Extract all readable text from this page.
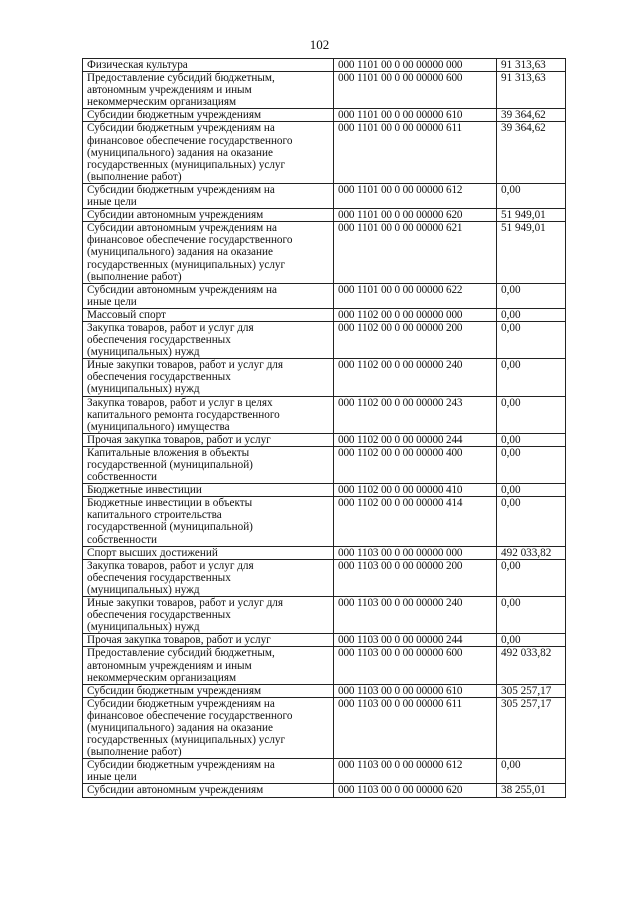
102
Физическая культура	000 1101 00 0 00 00000 000	91 313,63
Предоставление субсидий бюджетным,
автономным учреждениям и иным
некоммерческим организациям	000 1101 00 0 00 00000 600	91 313,63
Субсидии бюджетным учреждениям	000 1101 00 0 00 00000 610	39 364,62
Субсидии бюджетным учреждениям на
финансовое обеспечение государственного
(муниципального) задания на оказание
государственных (муниципальных) услуг
(выполнение работ)	000 1101 00 0 00 00000 611	39 364,62
Субсидии бюджетным учреждениям на
иные цели	000 1101 00 0 00 00000 612	0,00
Субсидии автономным учреждениям	000 1101 00 0 00 00000 620	51 949,01
Субсидии автономным учреждениям на
финансовое обеспечение государственного
(муниципального) задания на оказание
государственных (муниципальных) услуг
(выполнение работ)	000 1101 00 0 00 00000 621	51 949,01
Субсидии автономным учреждениям на
иные цели	000 1101 00 0 00 00000 622	0,00
Массовый спорт	000 1102 00 0 00 00000 000	0,00
Закупка товаров, работ и услуг для
обеспечения государственных
(муниципальных) нужд	000 1102 00 0 00 00000 200	0,00
Иные закупки товаров, работ и услуг для
обеспечения государственных
(муниципальных) нужд	000 1102 00 0 00 00000 240	0,00
Закупка товаров, работ и услуг в целях
капитального ремонта государственного
(муниципального) имущества	000 1102 00 0 00 00000 243	0,00
Прочая закупка товаров, работ и услуг	000 1102 00 0 00 00000 244	0,00
Капитальные вложения в объекты
государственной (муниципальной)
собственности	000 1102 00 0 00 00000 400	0,00
Бюджетные инвестиции	000 1102 00 0 00 00000 410	0,00
Бюджетные инвестиции в объекты
капитального строительства
государственной (муниципальной)
собственности	000 1102 00 0 00 00000 414	0,00
Спорт высших достижений	000 1103 00 0 00 00000 000	492 033,82
Закупка товаров, работ и услуг для
обеспечения государственных
(муниципальных) нужд	000 1103 00 0 00 00000 200	0,00
Иные закупки товаров, работ и услуг для
обеспечения государственных
(муниципальных) нужд	000 1103 00 0 00 00000 240	0,00
Прочая закупка товаров, работ и услуг	000 1103 00 0 00 00000 244	0,00
Предоставление субсидий бюджетным,
автономным учреждениям и иным
некоммерческим организациям	000 1103 00 0 00 00000 600	492 033,82
Субсидии бюджетным учреждениям	000 1103 00 0 00 00000 610	305 257,17
Субсидии бюджетным учреждениям на
финансовое обеспечение государственного
(муниципального) задания на оказание
государственных (муниципальных) услуг
(выполнение работ)	000 1103 00 0 00 00000 611	305 257,17
Субсидии бюджетным учреждениям на
иные цели	000 1103 00 0 00 00000 612	0,00
Субсидии автономным учреждениям	000 1103 00 0 00 00000 620	38 255,01
